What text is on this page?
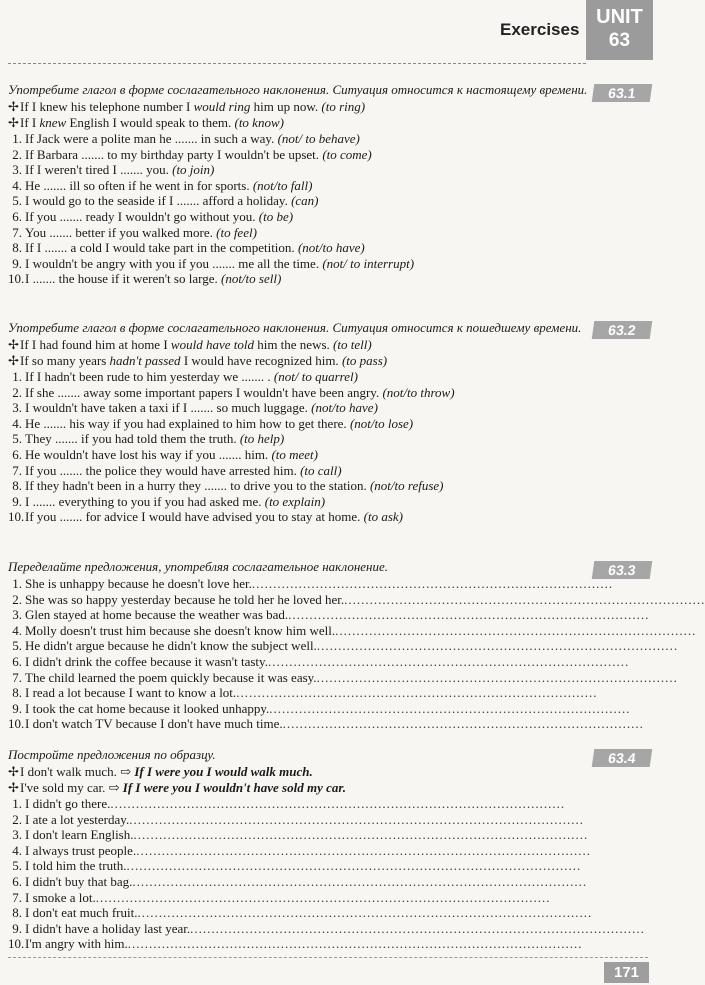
Exercises
UNIT
63
63.1

Употребите глагол в форме сослагательного наклонения. Ситуация относится к настоящему времени.

✢If I knew his telephone number I would ring him up now. (to ring)
✢If I knew English I would speak to them. (to know)
1. If Jack were a polite man he ....... in such a way. (not/ to behave)
2. If Barbara ....... to my birthday party I wouldn't be upset. (to come)
3. If I weren't tired I ....... you. (to join)
4. He ....... ill so often if he went in for sports. (not/to fall)
5. I would go to the seaside if I ....... afford a holiday. (can)
6. If you ....... ready I wouldn't go without you. (to be)
7. You ....... better if you walked more. (to feel)
8. If I ....... a cold I would take part in the competition. (not/to have)
9. I wouldn't be angry with you if you ....... me all the time. (not/ to interrupt)
10.I ....... the house if it weren't so large. (not/to sell)
63.2

Употребите глагол в форме сослагательного наклонения. Ситуация относится к пошедшему времени.

✢If I had found him at home I would have told him the news. (to tell)
✢If so many years hadn't passed I would have recognized him. (to pass)
1. If I hadn't been rude to him yesterday we ....... . (not/ to quarrel)
2. If she ....... away some important papers I wouldn't have been angry. (not/to throw)
3. I wouldn't have taken a taxi if I ....... so much luggage. (not/to have)
4. He ....... his way if you had explained to him how to get there. (not/to lose)
5. They ....... if you had told them the truth. (to help)
6. He wouldn't have lost his way if you ....... him. (to meet)
7. If you ....... the police they would have arrested him. (to call)
8. If they hadn't been in a hurry they ....... to drive you to the station. (not/to refuse)
9. I ....... everything to you if you had asked me. (to explain)
10.If you ....... for advice I would have advised you to stay at home. (to ask)
63.3

Переделайте предложения, употребляя сослагательное наклонение.

1. She is unhappy because he doesn't love her. .....................................................................................
2. She was so happy yesterday because he told her he loved her. .....................................................................................
3. Glen stayed at home because the weather was bad. .....................................................................................
4. Molly doesn't trust him because she doesn't know him well. .....................................................................................
5. He didn't argue because he didn't know the subject well. .....................................................................................
6. I didn't drink the coffee because it wasn't tasty. .....................................................................................
7. The child learned the poem quickly because it was easy. .....................................................................................
8. I read a lot because I want to know a lot. .....................................................................................
9. I took the cat home because it looked unhappy. .....................................................................................
10.I don't watch TV because I don't have much time. .....................................................................................
63.4

Постройте предложения по образцу.

✢I don't walk much. ⇨ If I were you I would walk much.
✢I've sold my car. ⇨ If I were you I wouldn't have sold my car.
1. I didn't go there. ...........................................................................................................
2. I ate a lot yesterday. ...........................................................................................................
3. I don't learn English. ...........................................................................................................
4. I always trust people. ...........................................................................................................
5. I told him the truth. ...........................................................................................................
6. I didn't buy that bag. ...........................................................................................................
7. I smoke a lot. ...........................................................................................................
8. I don't eat much fruit. ...........................................................................................................
9. I didn't have a holiday last year. ...........................................................................................................
10.I'm angry with him. ...........................................................................................................
171
